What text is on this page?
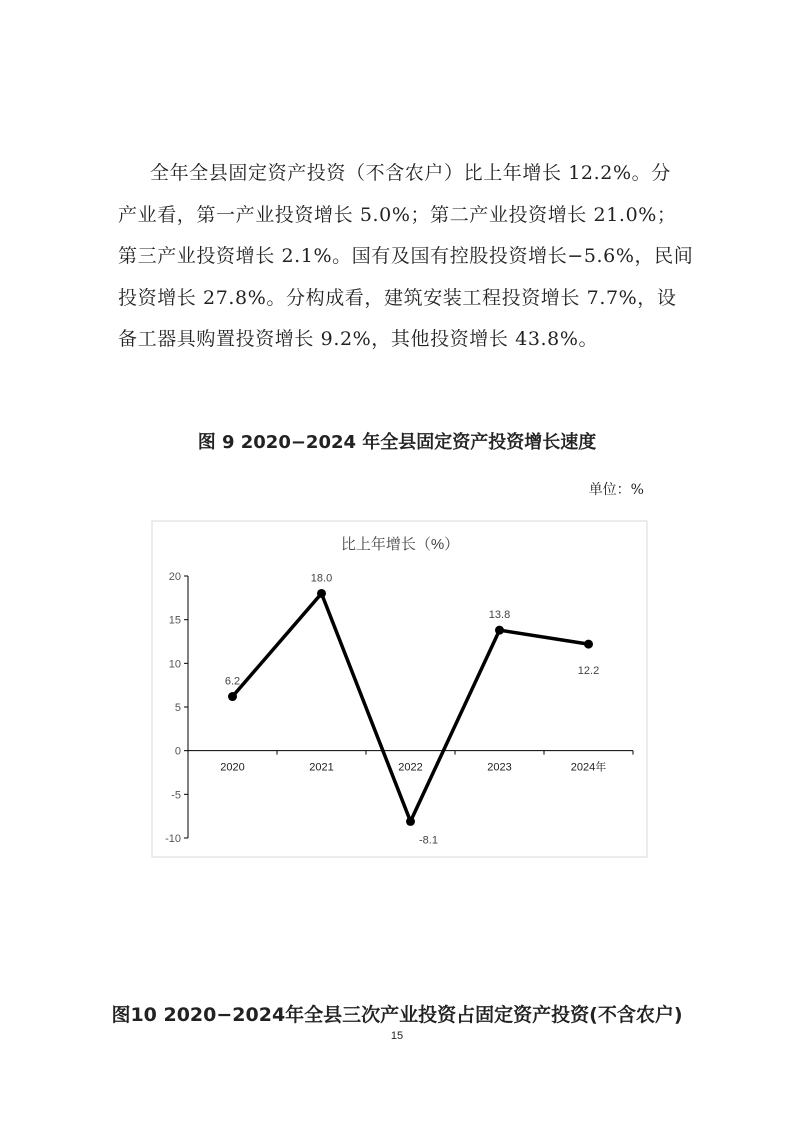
全年全县固定资产投资（不含农户）比上年增长 12.2%。分
产业看，第一产业投资增长 5.0%；第二产业投资增长 21.0%；
第三产业投资增长 2.1%。国有及国有控股投资增长−5.6%，民间
投资增长 27.8%。分构成看，建筑安装工程投资增长 7.7%，设
备工器具购置投资增长 9.2%，其他投资增长 43.8%。
图 9 2020−2024 年全县固定资产投资增长速度
单位：%
比上年增长（%）
20
15
10
5
0
-5
-10
2020	2021	2022	2023	2024年
6.2
18.0
-8.1
13.8
12.2
图10 2020−2024年全县三次产业投资占固定资产投资(不含农户)
15
